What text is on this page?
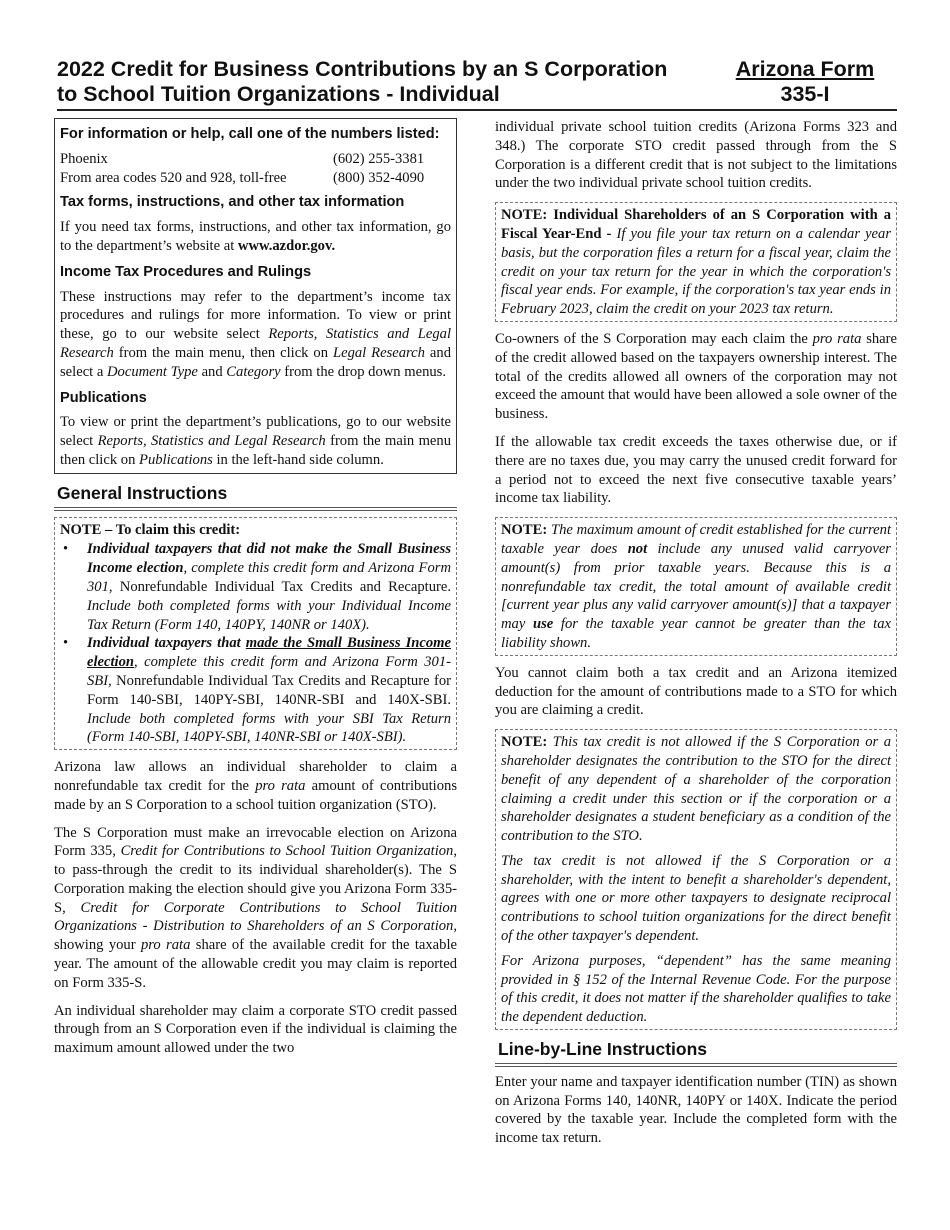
2022 Credit for Business Contributions by an S Corporation
to School Tuition Organizations - Individual
Arizona Form
335-I
For information or help, call one of the numbers listed:
Phoenix	(602) 255-3381
From area codes 520 and 928, toll-free	(800) 352-4090
Tax forms, instructions, and other tax information

If you need tax forms, instructions, and other tax information, go to the department’s website at www.azdor.gov.

Income Tax Procedures and Rulings

These instructions may refer to the department’s income tax procedures and rulings for more information. To view or print these, go to our website select Reports, Statistics and Legal Research from the main menu, then click on Legal Research and select a Document Type and Category from the drop down menus.

Publications

To view or print the department’s publications, go to our website select Reports, Statistics and Legal Research from the main menu then click on Publications in the left-hand side column.

General Instructions

NOTE – To claim this credit:

• Individual taxpayers that did not make the Small Business Income election, complete this credit form and Arizona Form 301, Nonrefundable Individual Tax Credits and Recapture. Include both completed forms with your Individual Income Tax Return (Form 140, 140PY, 140NR or 140X).
• Individual taxpayers that made the Small Business Income election, complete this credit form and Arizona Form 301-SBI, Nonrefundable Individual Tax Credits and Recapture for Form 140-SBI, 140PY-SBI, 140NR-SBI and 140X-SBI. Include both completed forms with your SBI Tax Return (Form 140-SBI, 140PY-SBI, 140NR-SBI or 140X-SBI).

Arizona law allows an individual shareholder to claim a nonrefundable tax credit for the pro rata amount of contributions made by an S Corporation to a school tuition organization (STO).

The S Corporation must make an irrevocable election on Arizona Form 335, Credit for Contributions to School Tuition Organization, to pass-through the credit to its individual shareholder(s). The S Corporation making the election should give you Arizona Form 335-S, Credit for Corporate Contributions to School Tuition Organizations - Distribution to Shareholders of an S Corporation, showing your pro rata share of the available credit for the taxable year. The amount of the allowable credit you may claim is reported on Form 335-S.

An individual shareholder may claim a corporate STO credit passed through from an S Corporation even if the individual is claiming the maximum amount allowed under the two

individual private school tuition credits (Arizona Forms 323 and 348.) The corporate STO credit passed through from the S Corporation is a different credit that is not subject to the limitations under the two individual private school tuition credits.

NOTE: Individual Shareholders of an S Corporation with a Fiscal Year-End - If you file your tax return on a calendar year basis, but the corporation files a return for a fiscal year, claim the credit on your tax return for the year in which the corporation's fiscal year ends. For example, if the corporation's tax year ends in February 2023, claim the credit on your 2023 tax return.

Co-owners of the S Corporation may each claim the pro rata share of the credit allowed based on the taxpayers ownership interest. The total of the credits allowed all owners of the corporation may not exceed the amount that would have been allowed a sole owner of the business.

If the allowable tax credit exceeds the taxes otherwise due, or if there are no taxes due, you may carry the unused credit forward for a period not to exceed the next five consecutive taxable years’ income tax liability.

NOTE: The maximum amount of credit established for the current taxable year does not include any unused valid carryover amount(s) from prior taxable years. Because this is a nonrefundable tax credit, the total amount of available credit [current year plus any valid carryover amount(s)] that a taxpayer may use for the taxable year cannot be greater than the tax liability shown.

You cannot claim both a tax credit and an Arizona itemized deduction for the amount of contributions made to a STO for which you are claiming a credit.

NOTE: This tax credit is not allowed if the S Corporation or a shareholder designates the contribution to the STO for the direct benefit of any dependent of a shareholder of the corporation claiming a credit under this section or if the corporation or a shareholder designates a student beneficiary as a condition of the contribution to the STO.

The tax credit is not allowed if the S Corporation or a shareholder, with the intent to benefit a shareholder's dependent, agrees with one or more other taxpayers to designate reciprocal contributions to school tuition organizations for the direct benefit of the other taxpayer's dependent.

For Arizona purposes, “dependent” has the same meaning provided in § 152 of the Internal Revenue Code. For the purpose of this credit, it does not matter if the shareholder qualifies to take the dependent deduction.

Line-by-Line Instructions

Enter your name and taxpayer identification number (TIN) as shown on Arizona Forms 140, 140NR, 140PY or 140X. Indicate the period covered by the taxable year. Include the completed form with the income tax return.
